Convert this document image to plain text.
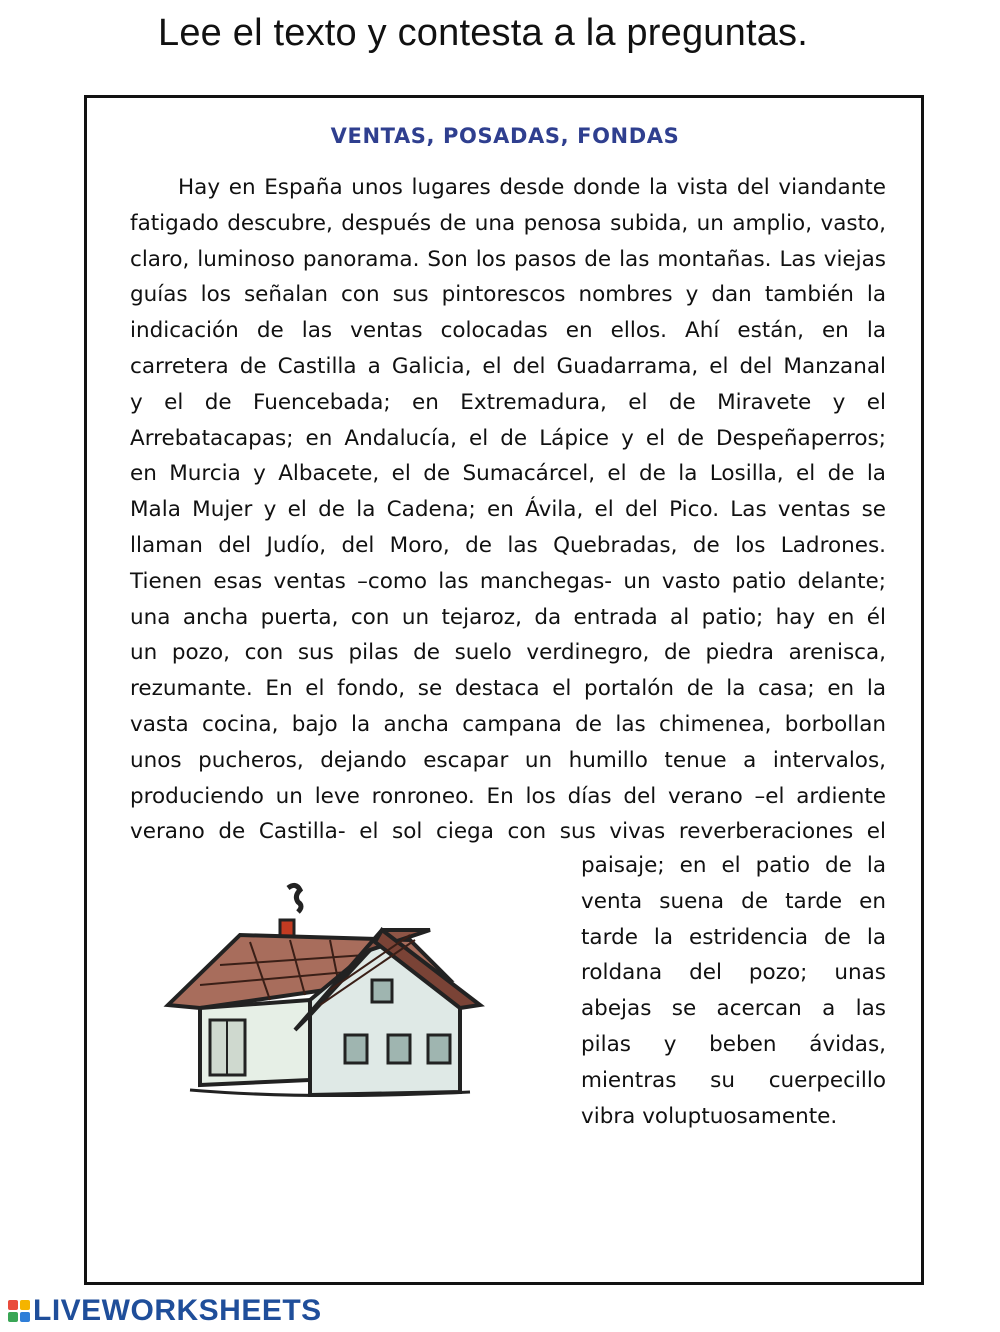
Lee el texto y contesta a la preguntas.
VENTAS, POSADAS, FONDAS
Hay en España unos lugares desde donde la vista del viandante
fatigado descubre, después de una penosa subida, un amplio, vasto,
claro, luminoso panorama. Son los pasos de las montañas. Las viejas
guías los señalan con sus pintorescos nombres y dan también la
indicación de las ventas colocadas en ellos. Ahí están, en la
carretera de Castilla a Galicia, el del Guadarrama, el del Manzanal
y el de Fuencebada; en Extremadura, el de Miravete y el
Arrebatacapas; en Andalucía, el de Lápice y el de Despeñaperros;
en Murcia y Albacete, el de Sumacárcel, el de la Losilla, el de la
Mala Mujer y el de la Cadena; en Ávila, el del Pico. Las ventas se
llaman del Judío, del Moro, de las Quebradas, de los Ladrones.
Tienen esas ventas –como las manchegas- un vasto patio delante;
una ancha puerta, con un tejaroz, da entrada al patio; hay en él
un pozo, con sus pilas de suelo verdinegro, de piedra arenisca,
rezumante. En el fondo, se destaca el portalón de la casa; en la
vasta cocina, bajo la ancha campana de las chimenea, borbollan
unos pucheros, dejando escapar un humillo tenue a intervalos,
produciendo un leve ronroneo. En los días del verano –el ardiente
verano de Castilla- el sol ciega con sus vivas reverberaciones el
paisaje; en el patio de la
venta suena de tarde en
tarde la estridencia de la
roldana del pozo; unas
abejas se acercan a las
pilas y beben ávidas,
mientras su cuerpecillo
vibra voluptuosamente.
LIVEWORKSHEETS
